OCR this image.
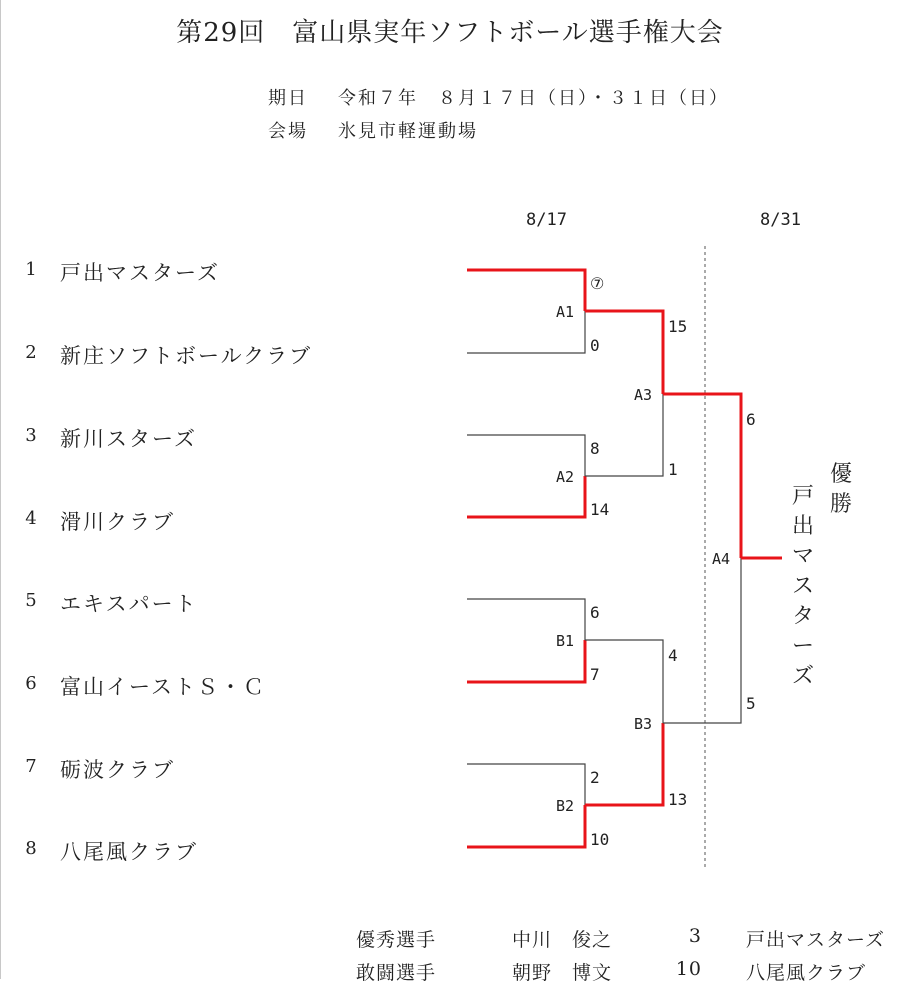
第29回　富山県実年ソフトボール選手権大会
期日 令和７年　８月１７日（日）・３１日（日）
会場 氷見市軽運動場
8/17	8/31
1 戸出マスターズ
2 新庄ソフトボールクラブ
3 新川スターズ
4 滑川クラブ
5 エキスパート
6 富山イーストＳ・Ｃ
7 砺波クラブ
8 八尾風クラブ
A1
A2
B1
B2
A3
B3
A4
⑦
0
8
14
6
7
2
10
15
1
4
13
6
5
優勝
戸出マスターズ
優秀選手	中川　俊之	3 戸出マスターズ
敢闘選手	朝野　博文	10 八尾風クラブ
